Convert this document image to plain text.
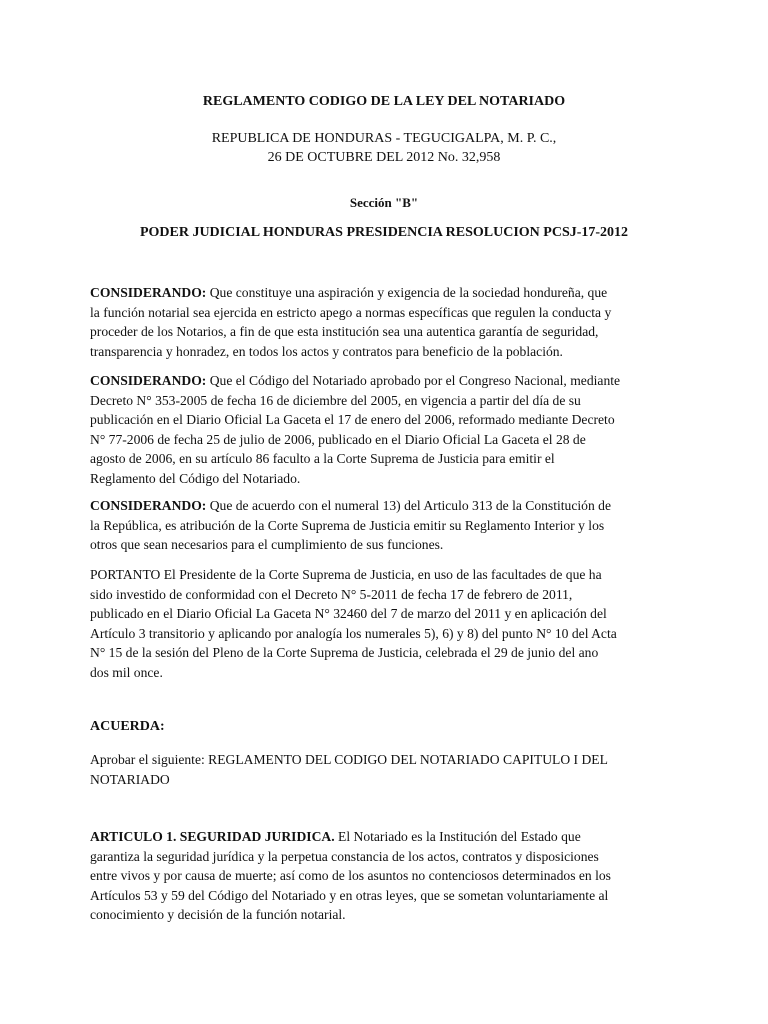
REGLAMENTO CODIGO DE LA LEY DEL NOTARIADO
REPUBLICA DE HONDURAS - TEGUCIGALPA, M. P. C.,
26 DE OCTUBRE DEL 2012 No. 32,958
Sección "B"
PODER JUDICIAL HONDURAS PRESIDENCIA RESOLUCION PCSJ-17-2012

CONSIDERANDO: Que constituye una aspiración y exigencia de la sociedad hondureña, que
la función notarial sea ejercida en estricto apego a normas específicas que regulen la conducta y
proceder de los Notarios, a fin de que esta institución sea una autentica garantía de seguridad,
transparencia y honradez, en todos los actos y contratos para beneficio de la población.

CONSIDERANDO: Que el Código del Notariado aprobado por el Congreso Nacional, mediante
Decreto N° 353-2005 de fecha 16 de diciembre del 2005, en vigencia a partir del día de su
publicación en el Diario Oficial La Gaceta el 17 de enero del 2006, reformado mediante Decreto
N° 77-2006 de fecha 25 de julio de 2006, publicado en el Diario Oficial La Gaceta el 28 de
agosto de 2006, en su artículo 86 faculto a la Corte Suprema de Justicia para emitir el
Reglamento del Código del Notariado.

CONSIDERANDO: Que de acuerdo con el numeral 13) del Articulo 313 de la Constitución de
la República, es atribución de la Corte Suprema de Justicia emitir su Reglamento Interior y los
otros que sean necesarios para el cumplimiento de sus funciones.

PORTANTO El Presidente de la Corte Suprema de Justicia, en uso de las facultades de que ha
sido investido de conformidad con el Decreto N° 5-2011 de fecha 17 de febrero de 2011,
publicado en el Diario Oficial La Gaceta N° 32460 del 7 de marzo del 2011 y en aplicación del
Artículo 3 transitorio y aplicando por analogía los numerales 5), 6) y 8) del punto N° 10 del Acta
N° 15 de la sesión del Pleno de la Corte Suprema de Justicia, celebrada el 29 de junio del ano
dos mil once.

ACUERDA:

Aprobar el siguiente: REGLAMENTO DEL CODIGO DEL NOTARIADO CAPITULO I DEL
NOTARIADO

ARTICULO 1. SEGURIDAD JURIDICA. El Notariado es la Institución del Estado que
garantiza la seguridad jurídica y la perpetua constancia de los actos, contratos y disposiciones
entre vivos y por causa de muerte; así como de los asuntos no contenciosos determinados en los
Artículos 53 y 59 del Código del Notariado y en otras leyes, que se sometan voluntariamente al
conocimiento y decisión de la función notarial.
